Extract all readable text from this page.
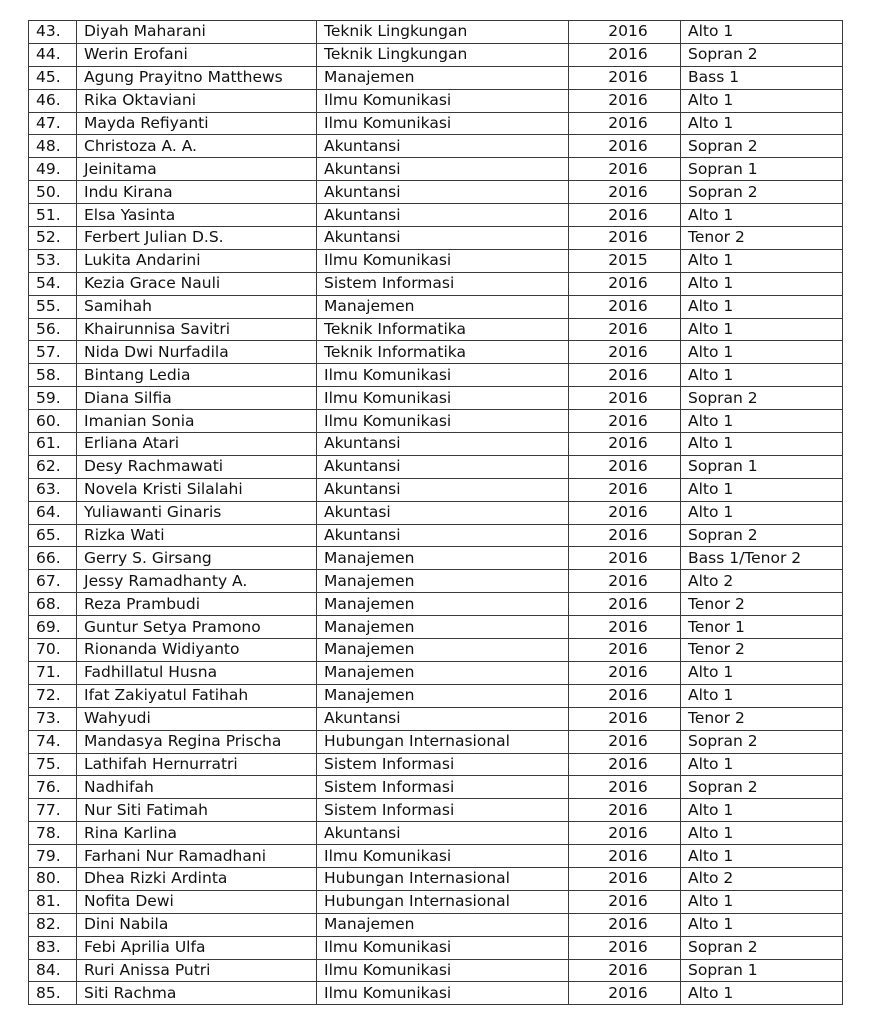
43.	Diyah Maharani	Teknik Lingkungan	2016	Alto 1
44.	Werin Erofani	Teknik Lingkungan	2016	Sopran 2
45.	Agung Prayitno Matthews	Manajemen	2016	Bass 1
46.	Rika Oktaviani	Ilmu Komunikasi	2016	Alto 1
47.	Mayda Refiyanti	Ilmu Komunikasi	2016	Alto 1
48.	Christoza A. A.	Akuntansi	2016	Sopran 2
49.	Jeinitama	Akuntansi	2016	Sopran 1
50.	Indu Kirana	Akuntansi	2016	Sopran 2
51.	Elsa Yasinta	Akuntansi	2016	Alto 1
52.	Ferbert Julian D.S.	Akuntansi	2016	Tenor 2
53.	Lukita Andarini	Ilmu Komunikasi	2015	Alto 1
54.	Kezia Grace Nauli	Sistem Informasi	2016	Alto 1
55.	Samihah	Manajemen	2016	Alto 1
56.	Khairunnisa Savitri	Teknik Informatika	2016	Alto 1
57.	Nida Dwi Nurfadila	Teknik Informatika	2016	Alto 1
58.	Bintang Ledia	Ilmu Komunikasi	2016	Alto 1
59.	Diana Silfia	Ilmu Komunikasi	2016	Sopran 2
60.	Imanian Sonia	Ilmu Komunikasi	2016	Alto 1
61.	Erliana Atari	Akuntansi	2016	Alto 1
62.	Desy Rachmawati	Akuntansi	2016	Sopran 1
63.	Novela Kristi Silalahi	Akuntansi	2016	Alto 1
64.	Yuliawanti Ginaris	Akuntasi	2016	Alto 1
65.	Rizka Wati	Akuntansi	2016	Sopran 2
66.	Gerry S. Girsang	Manajemen	2016	Bass 1/Tenor 2
67.	Jessy Ramadhanty A.	Manajemen	2016	Alto 2
68.	Reza Prambudi	Manajemen	2016	Tenor 2
69.	Guntur Setya Pramono	Manajemen	2016	Tenor 1
70.	Rionanda Widiyanto	Manajemen	2016	Tenor 2
71.	Fadhillatul Husna	Manajemen	2016	Alto 1
72.	Ifat Zakiyatul Fatihah	Manajemen	2016	Alto 1
73.	Wahyudi	Akuntansi	2016	Tenor 2
74.	Mandasya Regina Prischa	Hubungan Internasional	2016	Sopran 2
75.	Lathifah Hernurratri	Sistem Informasi	2016	Alto 1
76.	Nadhifah	Sistem Informasi	2016	Sopran 2
77.	Nur Siti Fatimah	Sistem Informasi	2016	Alto 1
78.	Rina Karlina	Akuntansi	2016	Alto 1
79.	Farhani Nur Ramadhani	Ilmu Komunikasi	2016	Alto 1
80.	Dhea Rizki Ardinta	Hubungan Internasional	2016	Alto 2
81.	Nofita Dewi	Hubungan Internasional	2016	Alto 1
82.	Dini Nabila	Manajemen	2016	Alto 1
83.	Febi Aprilia Ulfa	Ilmu Komunikasi	2016	Sopran 2
84.	Ruri Anissa Putri	Ilmu Komunikasi	2016	Sopran 1
85.	Siti Rachma	Ilmu Komunikasi	2016	Alto 1
